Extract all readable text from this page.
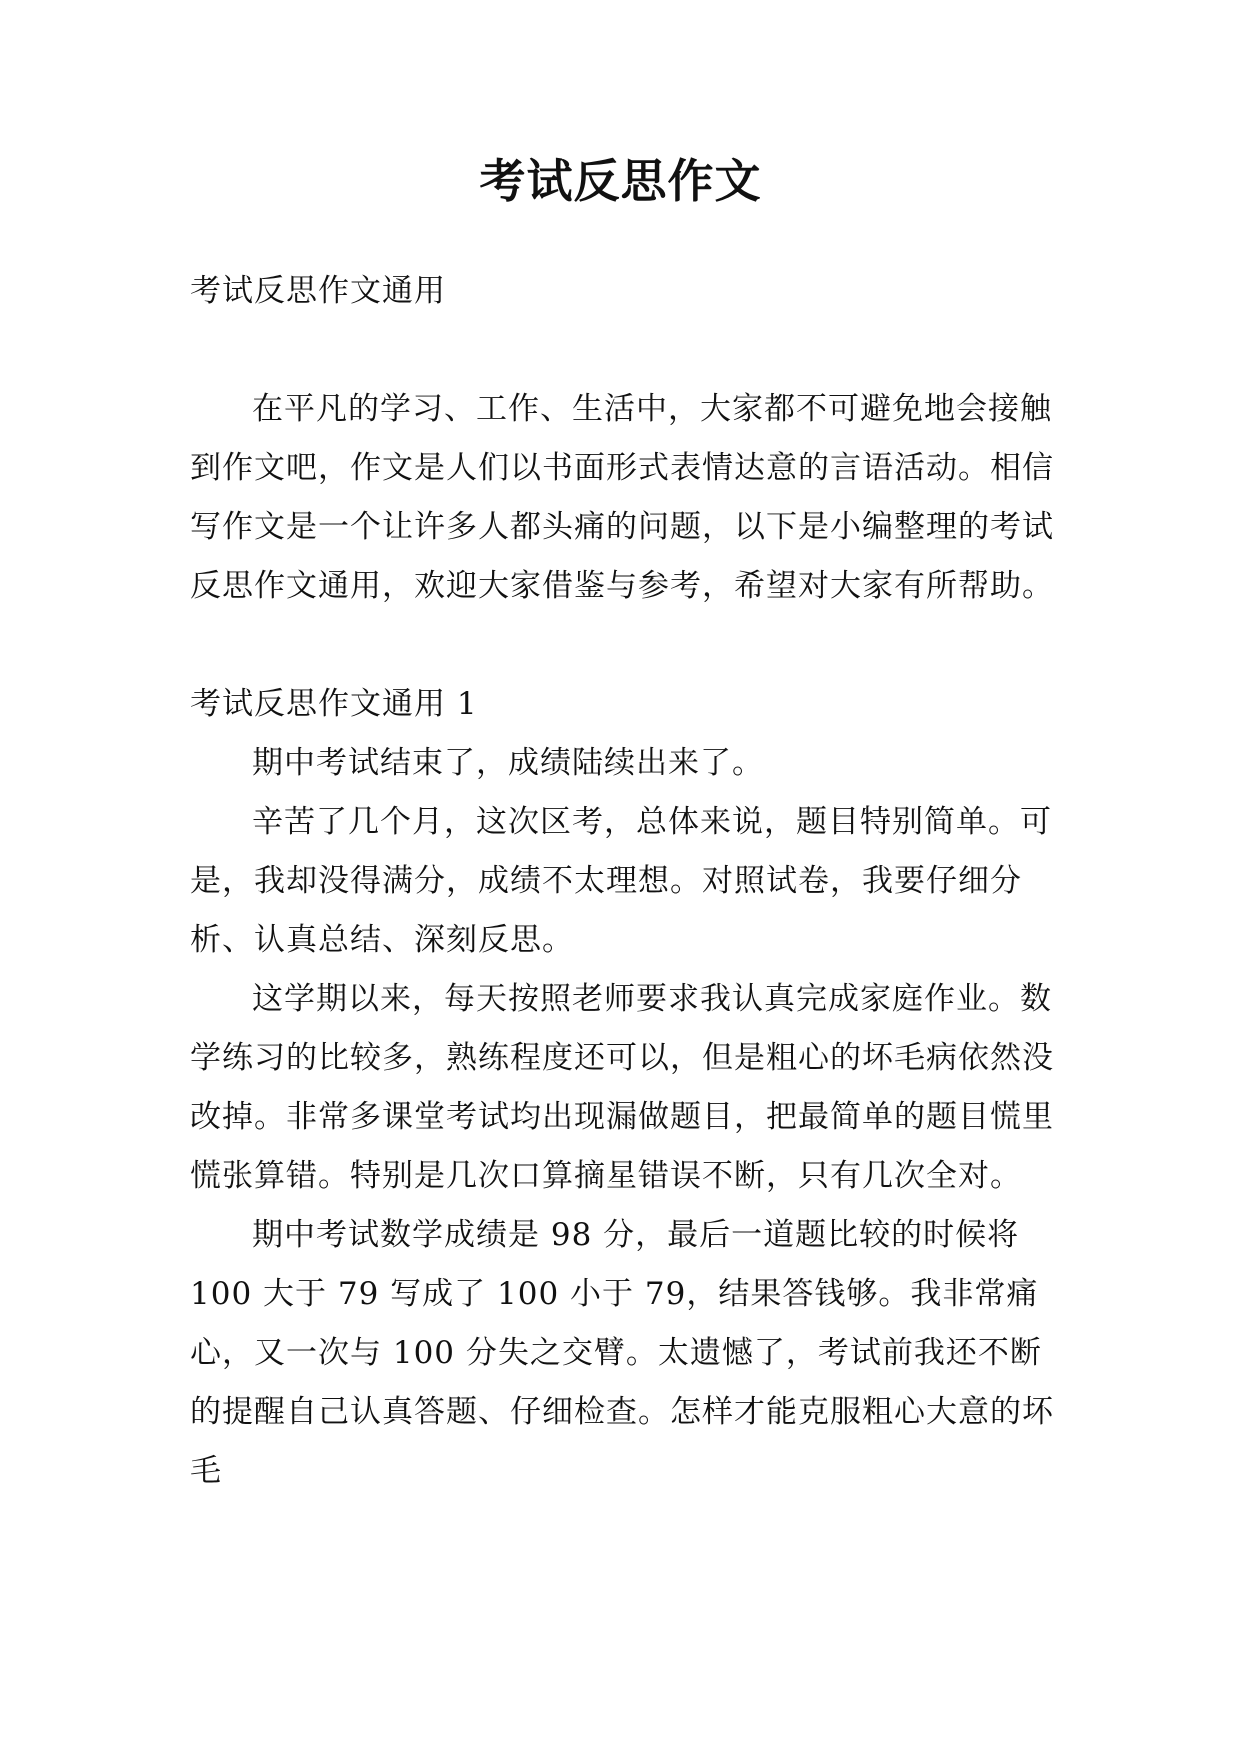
考试反思作文

考试反思作文通用

在平凡的学习、工作、生活中，大家都不可避免地会接触到作文吧，作文是人们以书面形式表情达意的言语活动。相信写作文是一个让许多人都头痛的问题，以下是小编整理的考试反思作文通用，欢迎大家借鉴与参考，希望对大家有所帮助。

考试反思作文通用 1

期中考试结束了，成绩陆续出来了。

辛苦了几个月，这次区考，总体来说，题目特别简单。可是，我却没得满分，成绩不太理想。对照试卷，我要仔细分析、认真总结、深刻反思。

这学期以来，每天按照老师要求我认真完成家庭作业。数学练习的比较多，熟练程度还可以，但是粗心的坏毛病依然没改掉。非常多课堂考试均出现漏做题目，把最简单的题目慌里慌张算错。特别是几次口算摘星错误不断，只有几次全对。

期中考试数学成绩是 98 分，最后一道题比较的时候将 100 大于 79 写成了 100 小于 79，结果答钱够。我非常痛心，又一次与 100 分失之交臂。太遗憾了，考试前我还不断的提醒自己认真答题、仔细检查。怎样才能克服粗心大意的坏毛
